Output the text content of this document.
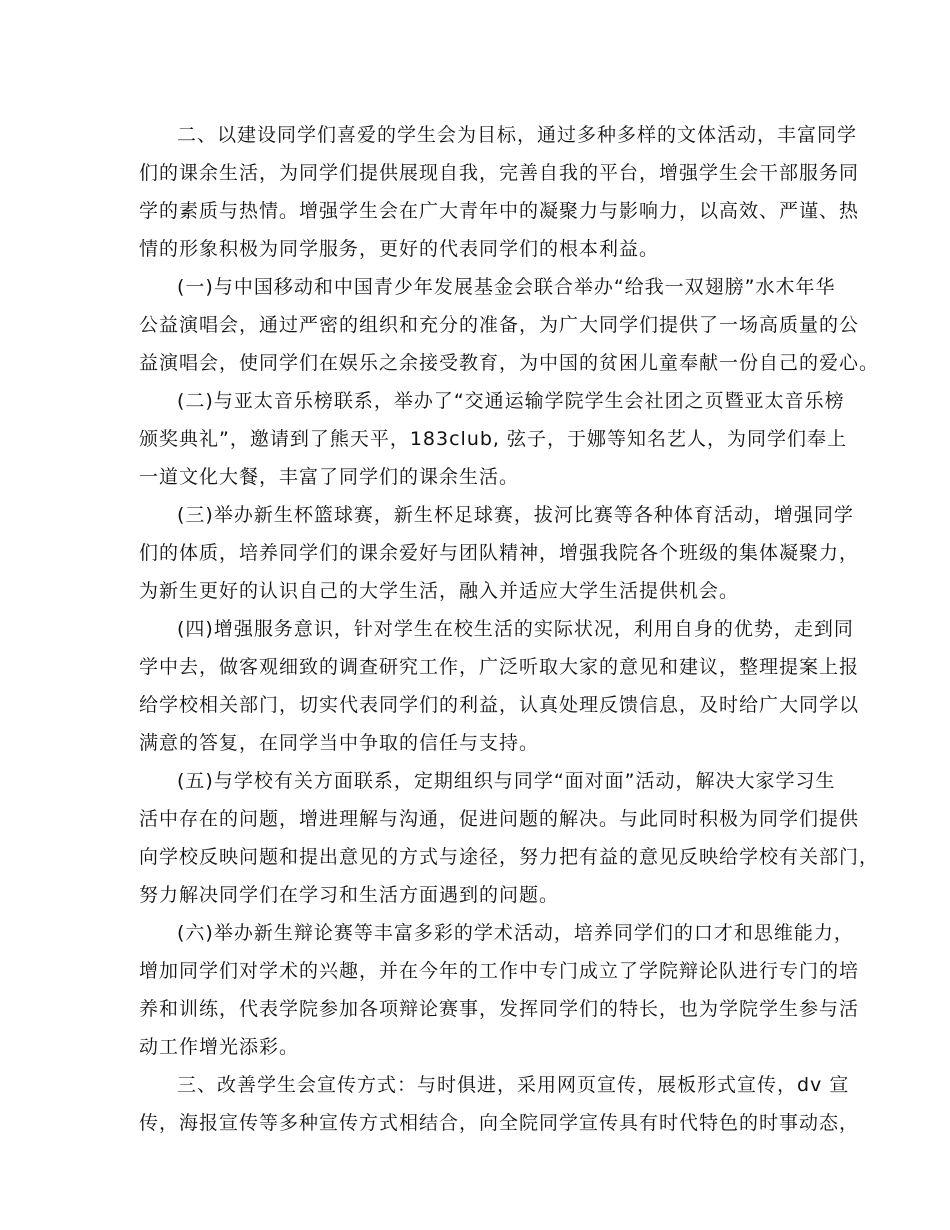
二、以建设同学们喜爱的学生会为目标，通过多种多样的文体活动，丰富同学
们的课余生活，为同学们提供展现自我，完善自我的平台，增强学生会干部服务同
学的素质与热情。增强学生会在广大青年中的凝聚力与影响力，以高效、严谨、热
情的形象积极为同学服务，更好的代表同学们的根本利益。
(一)与中国移动和中国青少年发展基金会联合举办“给我一双翅膀”水木年华
公益演唱会，通过严密的组织和充分的准备，为广大同学们提供了一场高质量的公
益演唱会，使同学们在娱乐之余接受教育，为中国的贫困儿童奉献一份自己的爱心。
(二)与亚太音乐榜联系，举办了“交通运输学院学生会社团之页暨亚太音乐榜
颁奖典礼”，邀请到了熊天平，183club, 弦子，于娜等知名艺人，为同学们奉上
一道文化大餐，丰富了同学们的课余生活。
(三)举办新生杯篮球赛，新生杯足球赛，拔河比赛等各种体育活动，增强同学
们的体质，培养同学们的课余爱好与团队精神，增强我院各个班级的集体凝聚力，
为新生更好的认识自己的大学生活，融入并适应大学生活提供机会。
(四)增强服务意识，针对学生在校生活的实际状况，利用自身的优势，走到同
学中去，做客观细致的调查研究工作，广泛听取大家的意见和建议，整理提案上报
给学校相关部门，切实代表同学们的利益，认真处理反馈信息，及时给广大同学以
满意的答复，在同学当中争取的信任与支持。
(五)与学校有关方面联系，定期组织与同学“面对面”活动，解决大家学习生
活中存在的问题，增进理解与沟通，促进问题的解决。与此同时积极为同学们提供
向学校反映问题和提出意见的方式与途径，努力把有益的意见反映给学校有关部门，
努力解决同学们在学习和生活方面遇到的问题。
(六)举办新生辩论赛等丰富多彩的学术活动，培养同学们的口才和思维能力，
增加同学们对学术的兴趣，并在今年的工作中专门成立了学院辩论队进行专门的培
养和训练，代表学院参加各项辩论赛事，发挥同学们的特长，也为学院学生参与活
动工作增光添彩。
三、改善学生会宣传方式：与时俱进，采用网页宣传，展板形式宣传，dv 宣
传，海报宣传等多种宣传方式相结合，向全院同学宣传具有时代特色的时事动态，
